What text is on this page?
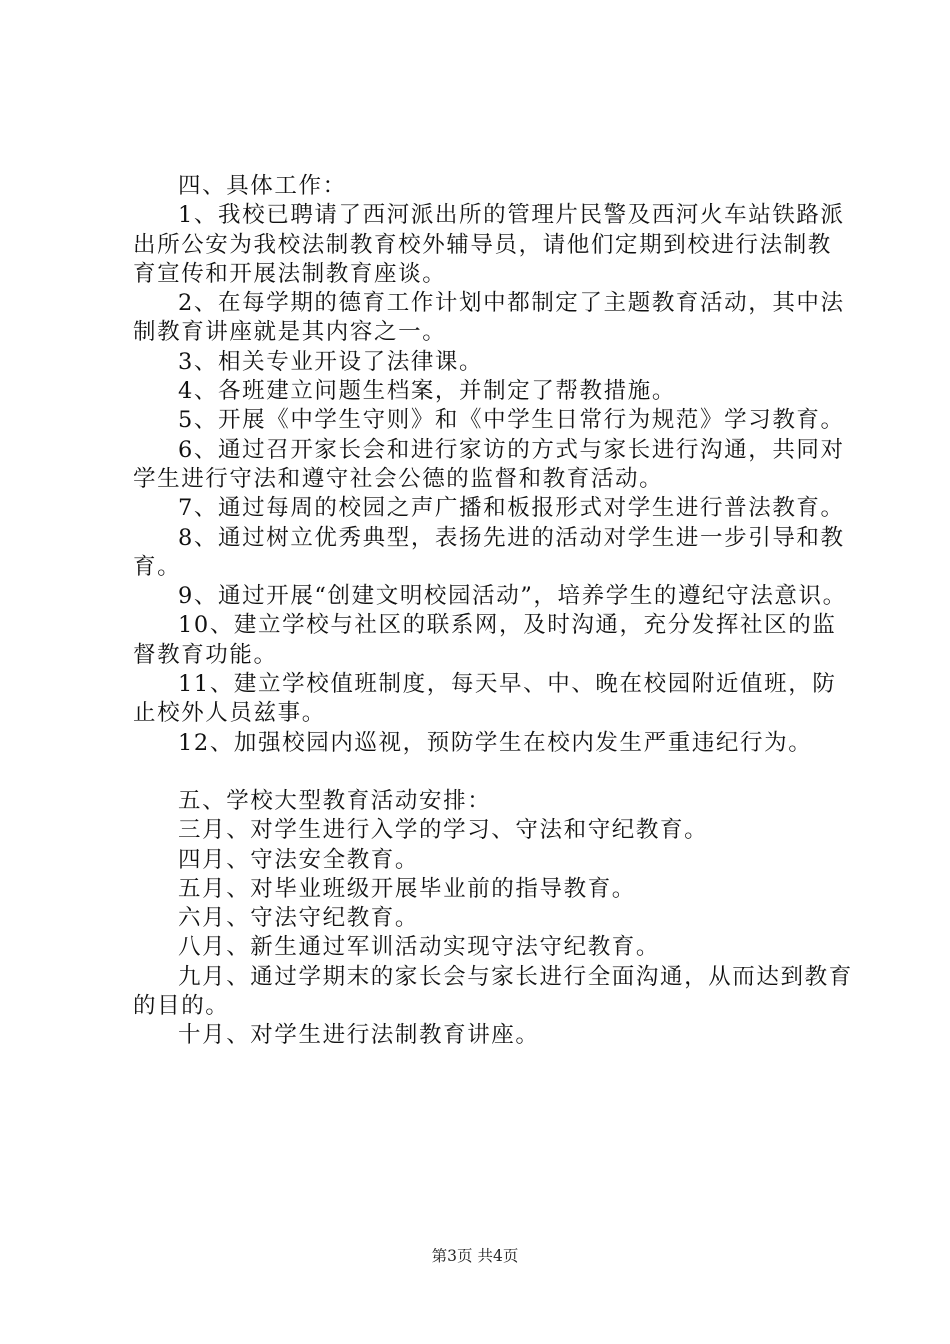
四、具体工作：

1、我校已聘请了西河派出所的管理片民警及西河火车站铁路派出所公安为我校法制教育校外辅导员，请他们定期到校进行法制教育宣传和开展法制教育座谈。

2、在每学期的德育工作计划中都制定了主题教育活动，其中法制教育讲座就是其内容之一。

3、相关专业开设了法律课。

4、各班建立问题生档案，并制定了帮教措施。

5、开展《中学生守则》和《中学生日常行为规范》学习教育。

6、通过召开家长会和进行家访的方式与家长进行沟通，共同对学生进行守法和遵守社会公德的监督和教育活动。

7、通过每周的校园之声广播和板报形式对学生进行普法教育。

8、通过树立优秀典型，表扬先进的活动对学生进一步引导和教育。

9、通过开展“创建文明校园活动”，培养学生的遵纪守法意识。

10、建立学校与社区的联系网，及时沟通，充分发挥社区的监督教育功能。

11、建立学校值班制度，每天早、中、晚在校园附近值班，防止校外人员兹事。

12、加强校园内巡视，预防学生在校内发生严重违纪行为。

五、学校大型教育活动安排：

三月、对学生进行入学的学习、守法和守纪教育。

四月、守法安全教育。

五月、对毕业班级开展毕业前的指导教育。

六月、守法守纪教育。

八月、新生通过军训活动实现守法守纪教育。

九月、通过学期末的家长会与家长进行全面沟通，从而达到教育的目的。

十月、对学生进行法制教育讲座。

第3页 共4页
